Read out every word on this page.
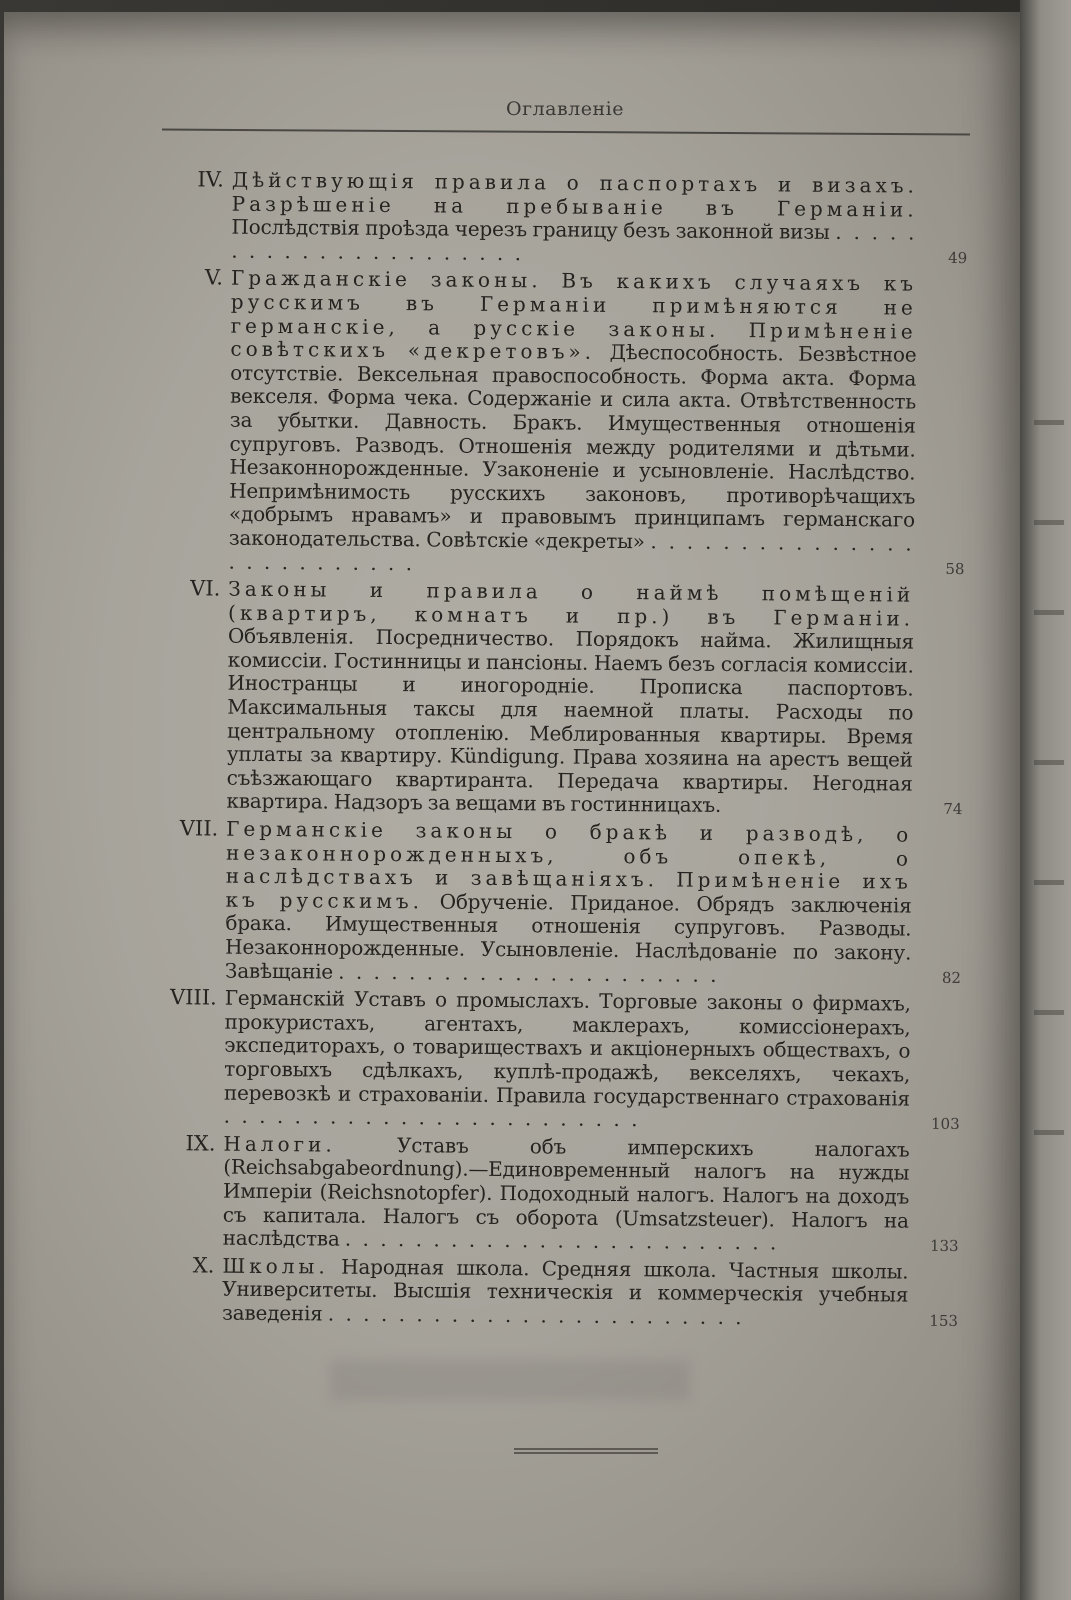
Оглавленіе
IV. Дѣйствующія правила о паспортахъ и визахъ. Разрѣшеніе на пребываніе въ Германіи. Послѣдствія проѣзда черезъ границу безъ законной визы . . . . . . . . . . . . . . . . . . . . . .	49
V. Гражданскіе законы. Въ какихъ случаяхъ къ русскимъ въ Германіи примѣняются не германскіе, а русскіе законы. Примѣненіе совѣтскихъ «декретовъ». Дѣеспособность. Безвѣстное отсутствіе. Вексельная правоспособность. Форма акта. Форма векселя. Форма чека. Содержаніе и сила акта. Отвѣтственность за убытки. Давность. Бракъ. Имущественныя отношенія супруговъ. Разводъ. Отношенія между родителями и дѣтьми. Незаконнорожденные. Узаконеніе и усыновленіе. Наслѣдство. Непримѣнимость русскихъ законовъ, противорѣчащихъ «добрымъ нравамъ» и правовымъ принципамъ германскаго законодательства. Совѣтскіе «декреты» . . . . . . . . . . . . . . . . . . . . . . . . . .	58
VI. Законы и правила о наймѣ помѣщеній (квартиръ, комнатъ и пр.) въ Германіи. Объявленія. Посредничество. Порядокъ найма. Жилищныя комиссіи. Гостинницы и пансіоны. Наемъ безъ согласія комиссіи. Иностранцы и иногородніе. Прописка паспортовъ. Максимальныя таксы для наемной платы. Расходы по центральному отопленію. Меблированныя квартиры. Время уплаты за квартиру. Kündigung. Права хозяина на арестъ вещей съѣзжающаго квартиранта. Передача квартиры. Негодная квартира. Надзоръ за вещами въ гостинницахъ.	74
VII. Германскіе законы о бракѣ и разводѣ, о незаконнорожденныхъ, объ опекѣ, о наслѣдствахъ и завѣщаніяхъ. Примѣненіе ихъ къ русскимъ. Обрученіе. Приданое. Обрядъ заключенія брака. Имущественныя отношенія супруговъ. Разводы. Незаконнорожденные. Усыновленіе. Наслѣдованіе по закону. Завѣщаніе . . . . . . . . . . . . . . . . . . . . . .	82
VIII. Германскій Уставъ о промыслахъ. Торговые законы о фирмахъ, прокуристахъ, агентахъ, маклерахъ, комиссіонерахъ, экспедиторахъ, о товариществахъ и акціонерныхъ обществахъ, о торговыхъ сдѣлкахъ, куплѣ-продажѣ, векселяхъ, чекахъ, перевозкѣ и страхованіи. Правила государственнаго страхованія . . . . . . . . . . . . . . . . . . . . . . . .	103
IX. Налоги.	Уставъ объ имперскихъ налогахъ (Reichsabgabeordnung).—Единовременный налогъ на нужды Имперіи (Reichsnotopfer). Подоходный налогъ. Налогъ на доходъ съ капитала. Налогъ съ оборота (Umsatzsteuer). Налогъ на наслѣдства . . . . . . . . . . . . . . . . . . . . . . . . .	133
X. Школы. Народная школа. Средняя школа. Частныя школы. Университеты. Высшія техническія и коммерческія учебныя заведенія . . . . . . . . . . . . . . . . . . . . . . . .	153
